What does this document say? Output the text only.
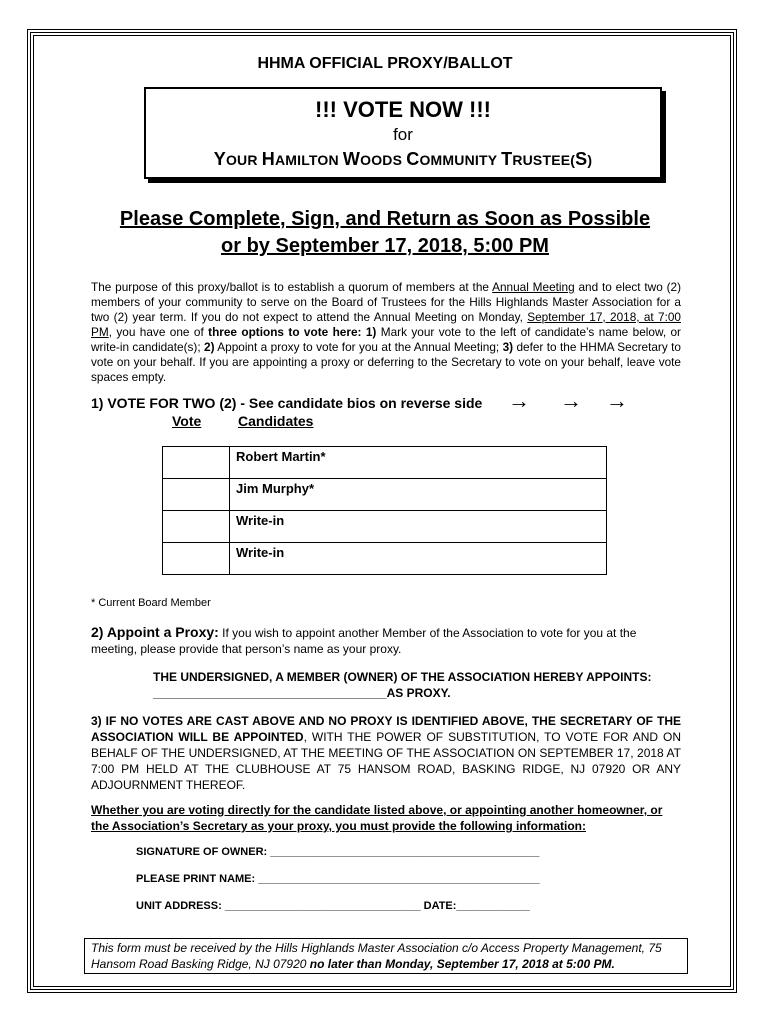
HHMA OFFICIAL PROXY/BALLOT
!!! VOTE NOW !!!
for
YOUR HAMILTON WOODS COMMUNITY TRUSTEE(S)
Please Complete, Sign, and Return as Soon as Possible
or by September 17, 2018, 5:00 PM
The purpose of this proxy/ballot is to establish a quorum of members at the Annual Meeting and to elect two (2) members of your community to serve on the Board of Trustees for the Hills Highlands Master Association for a two (2) year term. If you do not expect to attend the Annual Meeting on Monday, September 17, 2018, at 7:00 PM, you have one of three options to vote here: 1) Mark your vote to the left of candidate’s name below, or write-in candidate(s); 2) Appoint a proxy to vote for you at the Annual Meeting; 3) defer to the HHMA Secretary to vote on your behalf. If you are appointing a proxy or deferring to the Secretary to vote on your behalf, leave vote spaces empty.
1) VOTE FOR TWO (2) - See candidate bios on reverse side → → →
Vote	Candidates
	Robert Martin*
	Jim Murphy*
	Write-in
	Write-in
* Current Board Member
2) Appoint a Proxy: If you wish to appoint another Member of the Association to vote for you at the meeting, please provide that person’s name as your proxy.
THE UNDERSIGNED, A MEMBER (OWNER) OF THE ASSOCIATION HEREBY APPOINTS:
___________________________________AS PROXY.
3) IF NO VOTES ARE CAST ABOVE AND NO PROXY IS IDENTIFIED ABOVE, THE SECRETARY OF THE ASSOCIATION WILL BE APPOINTED, WITH THE POWER OF SUBSTITUTION, TO VOTE FOR AND ON BEHALF OF THE UNDERSIGNED, AT THE MEETING OF THE ASSOCIATION ON SEPTEMBER 17, 2018 AT 7:00 PM HELD AT THE CLUBHOUSE AT 75 HANSOM ROAD, BASKING RIDGE, NJ 07920 OR ANY ADJOURNMENT THEREOF.
Whether you are voting directly for the candidate listed above, or appointing another homeowner, or the Association’s Secretary as your proxy, you must provide the following information:
SIGNATURE OF OWNER: ____________________________________________
PLEASE PRINT NAME: ______________________________________________
UNIT ADDRESS: ________________________________ DATE:____________
This form must be received by the Hills Highlands Master Association c/o Access Property Management, 75 Hansom Road Basking Ridge, NJ 07920 no later than Monday, September 17, 2018 at 5:00 PM.
